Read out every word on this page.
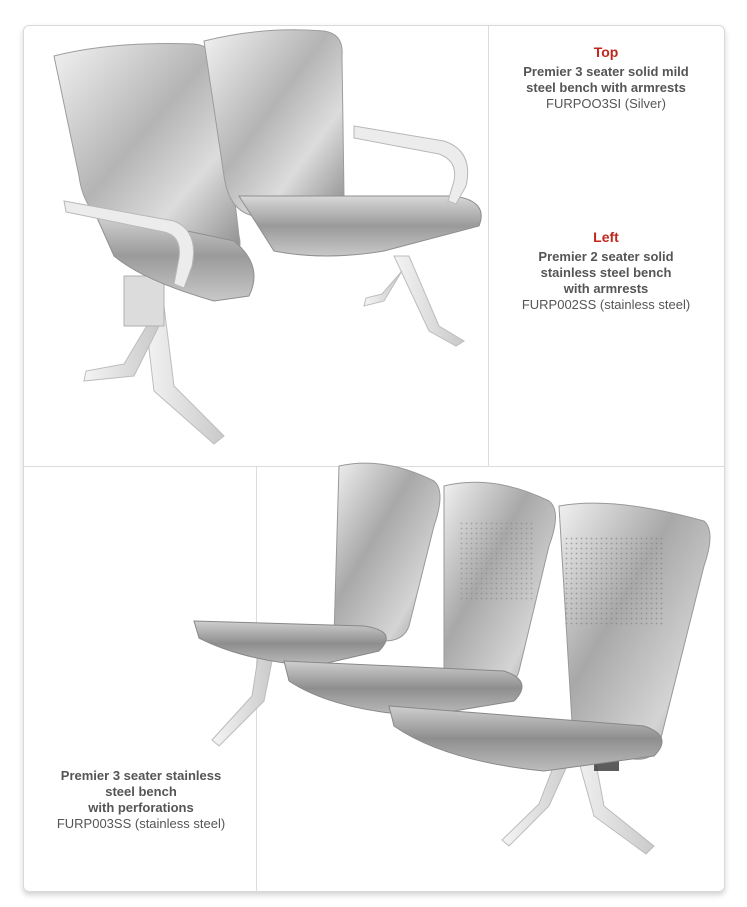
Top
Premier 3 seater solid mild
steel bench with armrests
FURPOO3SI (Silver)
Left
Premier 2 seater solid
stainless steel bench
with armrests
FURP002SS (stainless steel)
Premier 3 seater stainless
steel bench
with perforations
FURP003SS (stainless steel)
